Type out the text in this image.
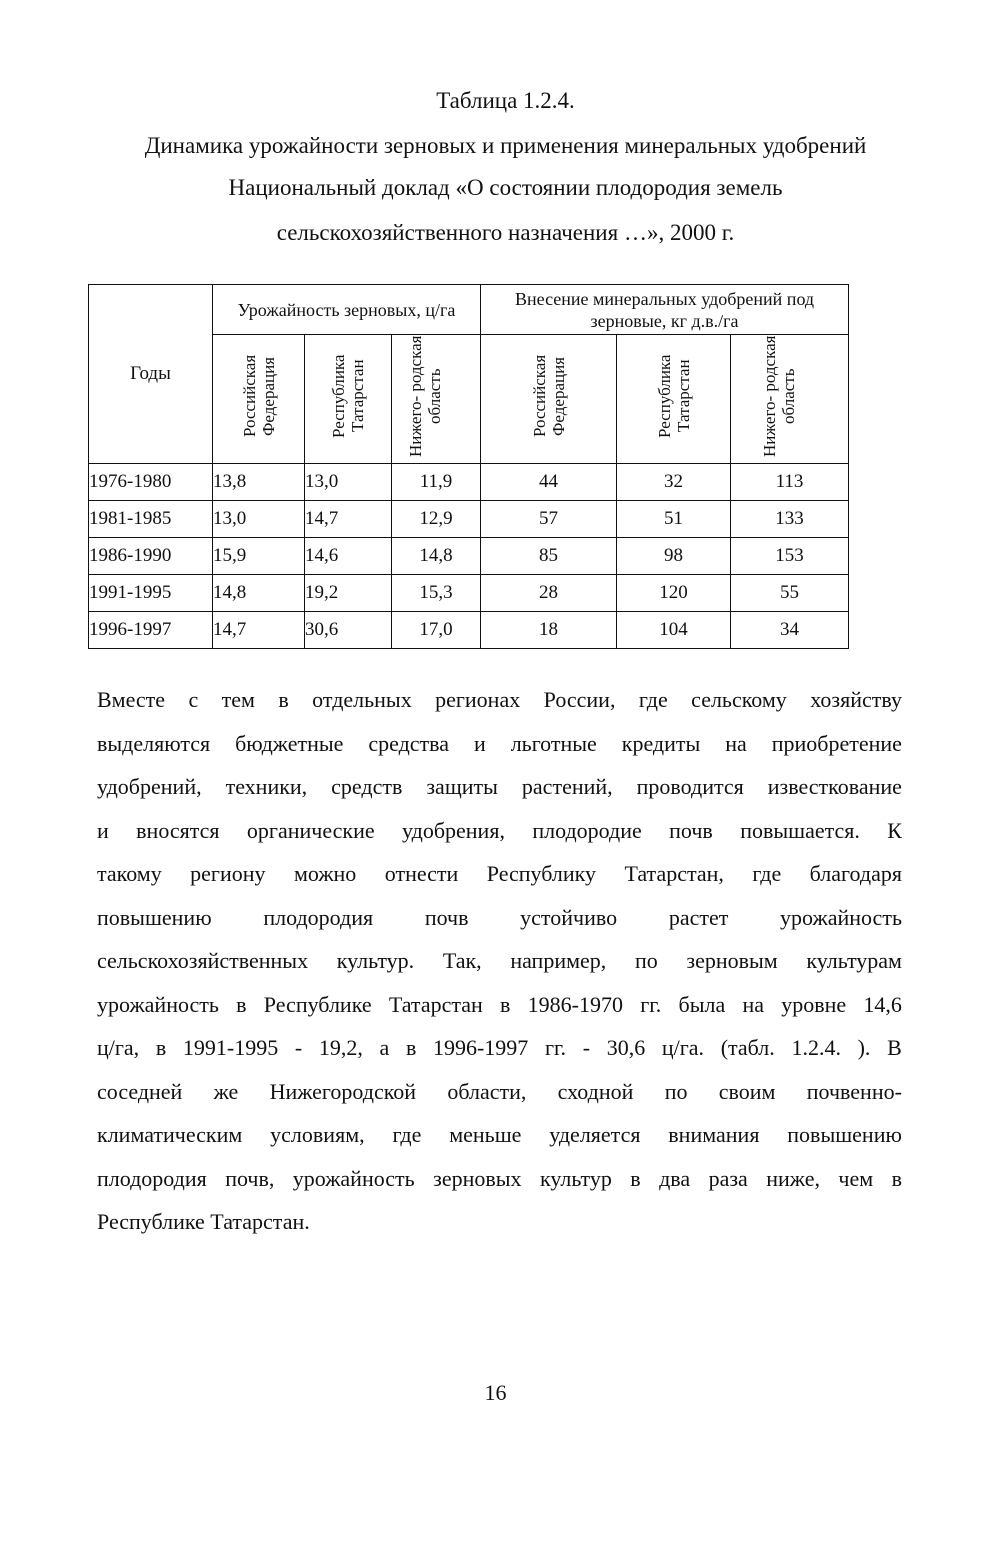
Таблица 1.2.4.
Динамика урожайности зерновых и применения минеральных удобрений
Национальный доклад «О состоянии плодородия земель
сельскохозяйственного назначения …», 2000 г.
Годы	Урожайность зерновых, ц/га			Внесение минеральных удобрений под зерновые, кг д.в./га		
	Российская Федерация	Республика Татарстан	Нижего- родская область	Российская Федерация	Республика Татарстан	Нижего- родская область
1976-1980	13,8	13,0	11,9	44	32	113
1981-1985	13,0	14,7	12,9	57	51	133
1986-1990	15,9	14,6	14,8	85	98	153
1991-1995	14,8	19,2	15,3	28	120	55
1996-1997	14,7	30,6	17,0	18	104	34
Вместе с тем в отдельных регионах России, где сельскому хозяйству
выделяются бюджетные средства и льготные кредиты на приобретение
удобрений, техники, средств защиты растений, проводится известкование
и вносятся органические удобрения, плодородие почв повышается. К
такому региону можно отнести Республику Татарстан, где благодаря
повышению плодородия почв устойчиво растет урожайность
сельскохозяйственных культур. Так, например, по зерновым культурам
урожайность в Республике Татарстан в 1986-1970 гг. была на уровне 14,6
ц/га, в 1991-1995 - 19,2, а в 1996-1997 гг. - 30,6 ц/га. (табл. 1.2.4. ). В
соседней же Нижегородской области, сходной по своим почвенно-
климатическим условиям, где меньше уделяется внимания повышению
плодородия почв, урожайность зерновых культур в два раза ниже, чем в
Республике Татарстан.
16
